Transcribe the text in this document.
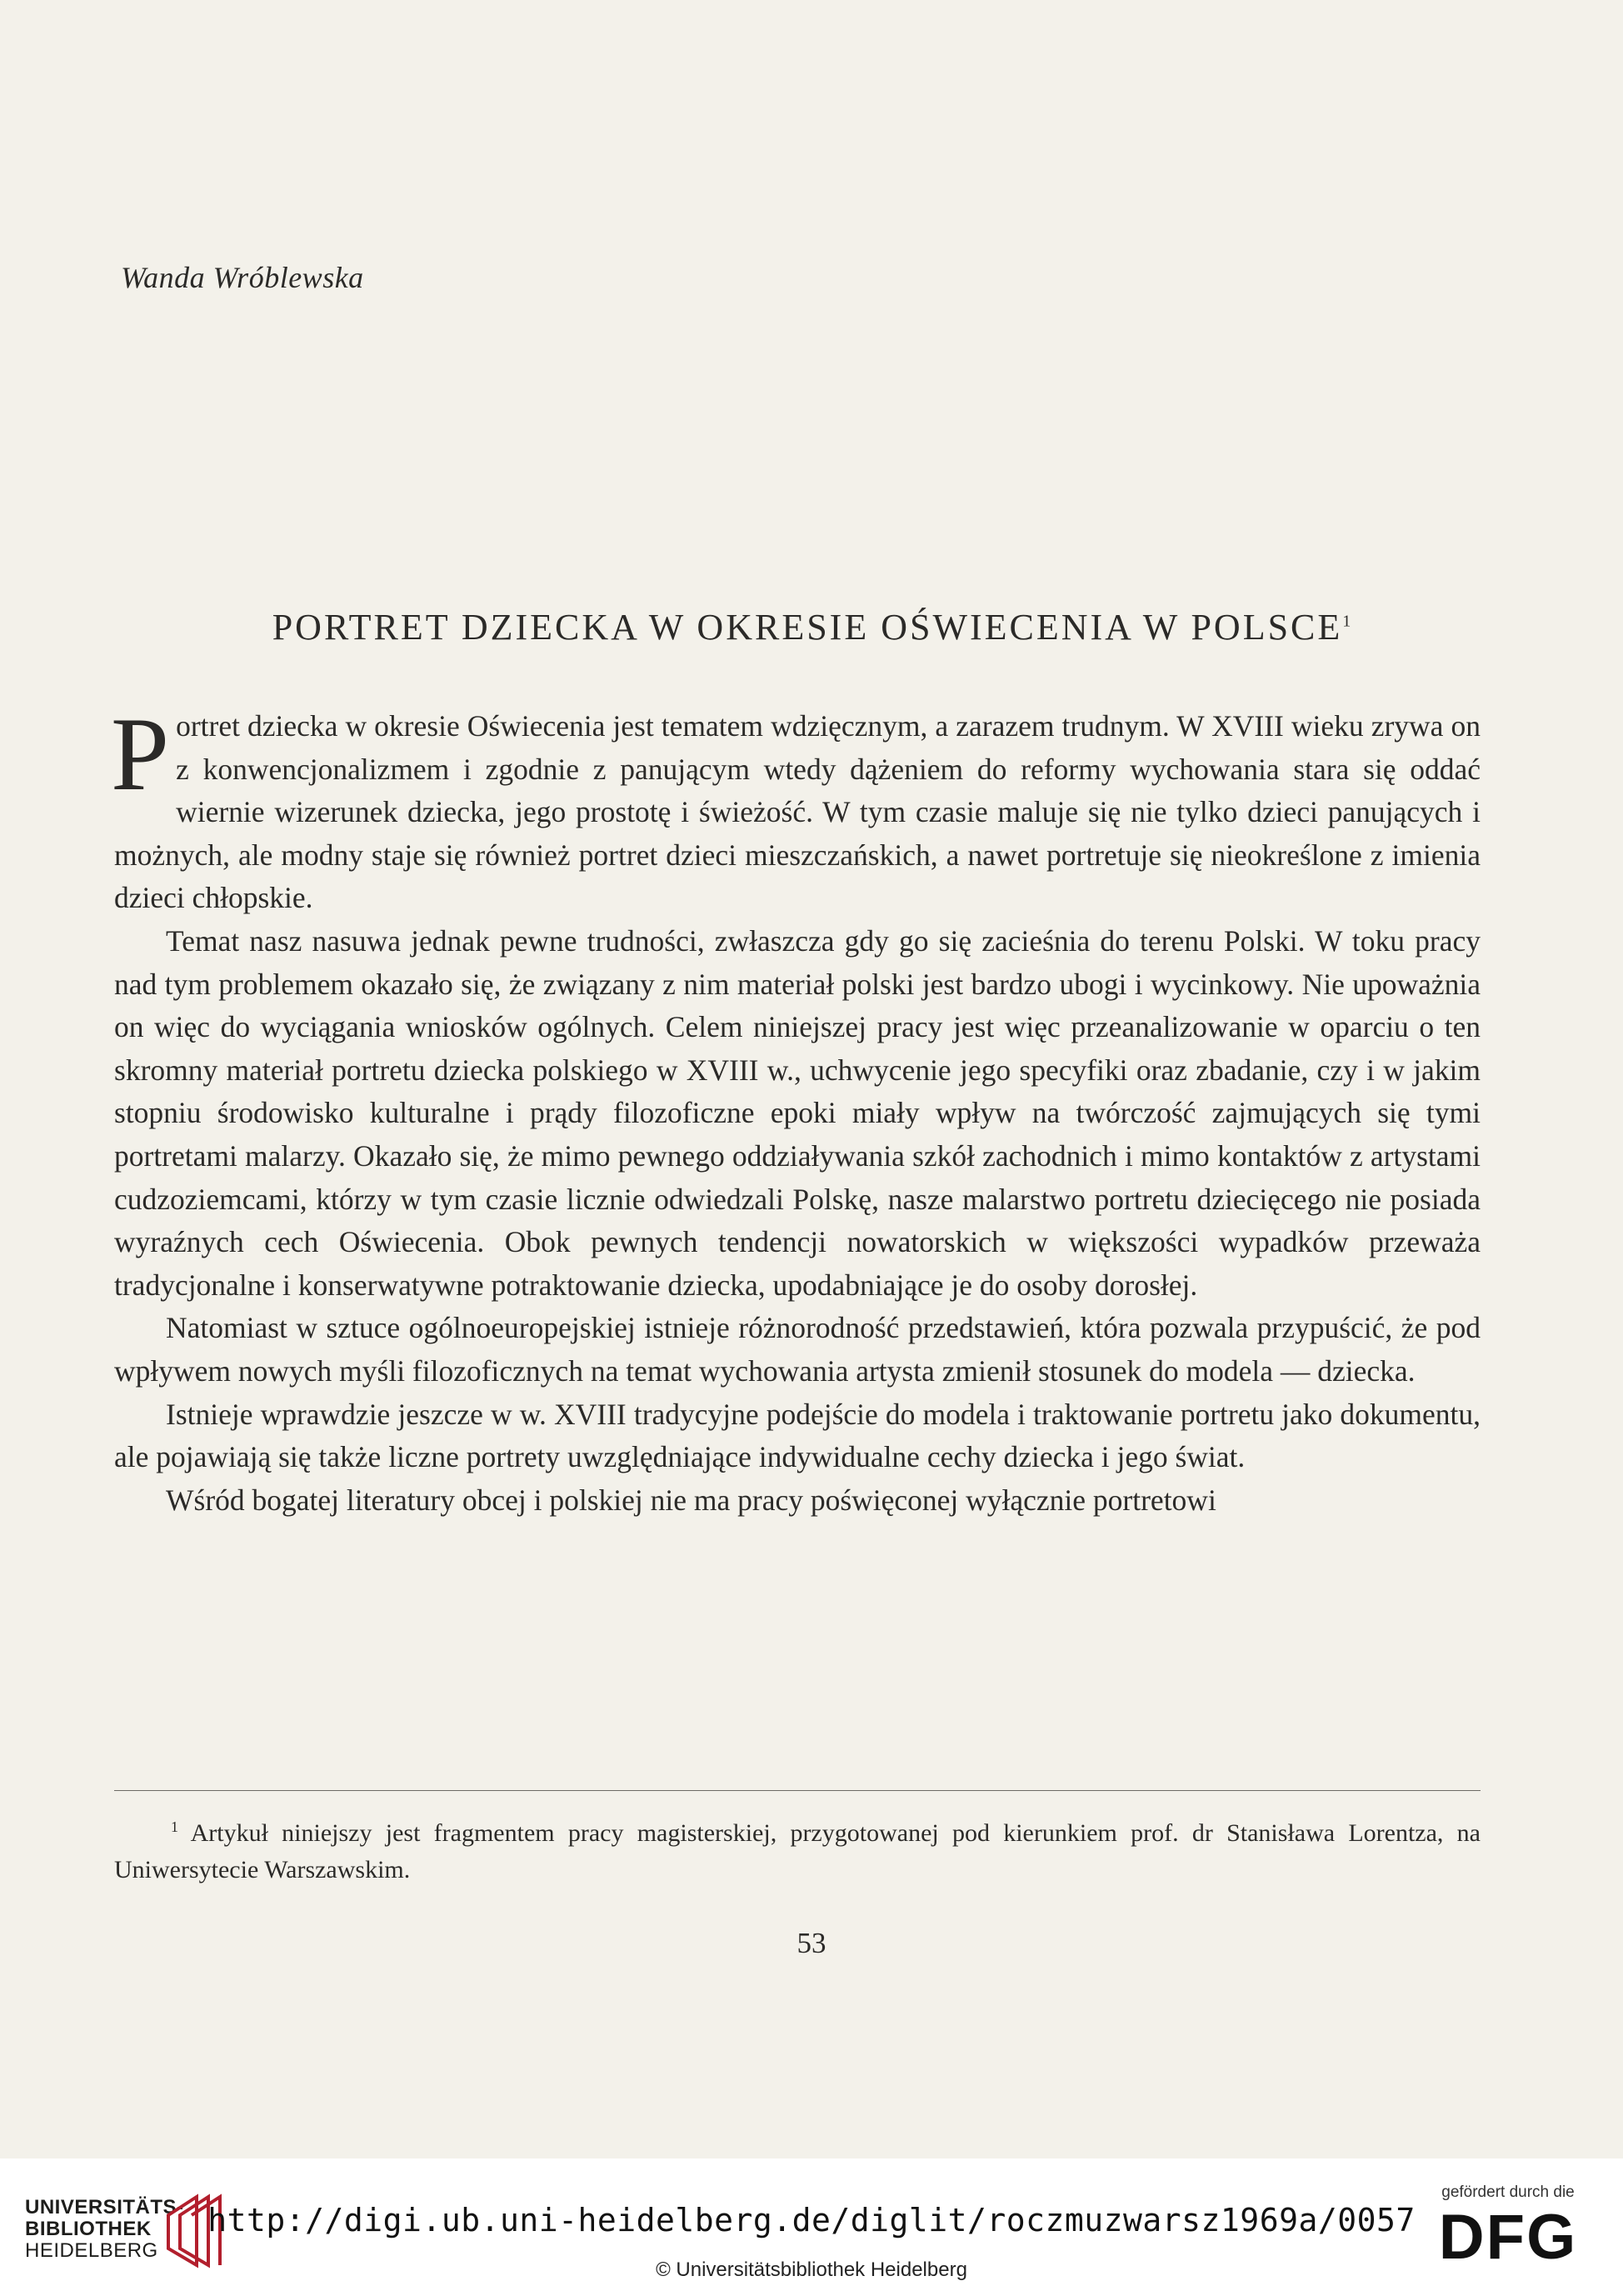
Wanda Wróblewska
PORTRET DZIECKA W OKRESIE OŚWIECENIA W POLSCE$^1$

Portret dziecka w okresie Oświecenia jest tematem wdzięcznym, a zarazem trudnym. W XVIII wieku zrywa on z konwencjonalizmem i zgodnie z panującym wtedy dążeniem do reformy wychowania stara się oddać wiernie wizerunek dziecka, jego prostotę i świeżość. W tym czasie maluje się nie tylko dzieci panujących i możnych, ale modny staje się również portret dzieci mieszczańskich, a nawet portretuje się nieokreślone z imienia dzieci chłopskie.

Temat nasz nasuwa jednak pewne trudności, zwłaszcza gdy go się zacieśnia do terenu Polski. W toku pracy nad tym problemem okazało się, że związany z nim materiał polski jest bardzo ubogi i wycinkowy. Nie upoważnia on więc do wyciągania wniosków ogólnych. Celem niniejszej pracy jest więc przeanalizowanie w oparciu o ten skromny materiał portretu dziecka polskiego w XVIII w., uchwycenie jego specyfiki oraz zbadanie, czy i w jakim stopniu środowisko kulturalne i prądy filozoficzne epoki miały wpływ na twórczość zajmujących się tymi portretami malarzy. Okazało się, że mimo pewnego oddziaływania szkół zachodnich i mimo kontaktów z artystami cudzoziemcami, którzy w tym czasie licznie odwiedzali Polskę, nasze malarstwo portretu dziecięcego nie posiada wyraźnych cech Oświecenia. Obok pewnych tendencji nowatorskich w większości wypadków przeważa tradycjonalne i konserwatywne potraktowanie dziecka, upodabniające je do osoby dorosłej.

Natomiast w sztuce ogólnoeuropejskiej istnieje różnorodność przedstawień, która pozwala przypuścić, że pod wpływem nowych myśli filozoficznych na temat wychowania artysta zmienił stosunek do modela — dziecka.

Istnieje wprawdzie jeszcze w w. XVIII tradycyjne podejście do modela i traktowanie portretu jako dokumentu, ale pojawiają się także liczne portrety uwzględniające indywidualne cechy dziecka i jego świat.

Wśród bogatej literatury obcej i polskiej nie ma pracy poświęconej wyłącznie portretowi

$^1$ Artykuł niniejszy jest fragmentem pracy magisterskiej, przygotowanej pod kierunkiem prof. dr Stanisława Lorentza, na Uniwersytecie Warszawskim.
53
UNIVERSITÄTS-
BIBLIOTHEK
HEIDELBERG
http://digi.ub.uni-heidelberg.de/diglit/roczmuzwarsz1969a/0057
© Universitätsbibliothek Heidelberg
gefördert durch die
DFG
